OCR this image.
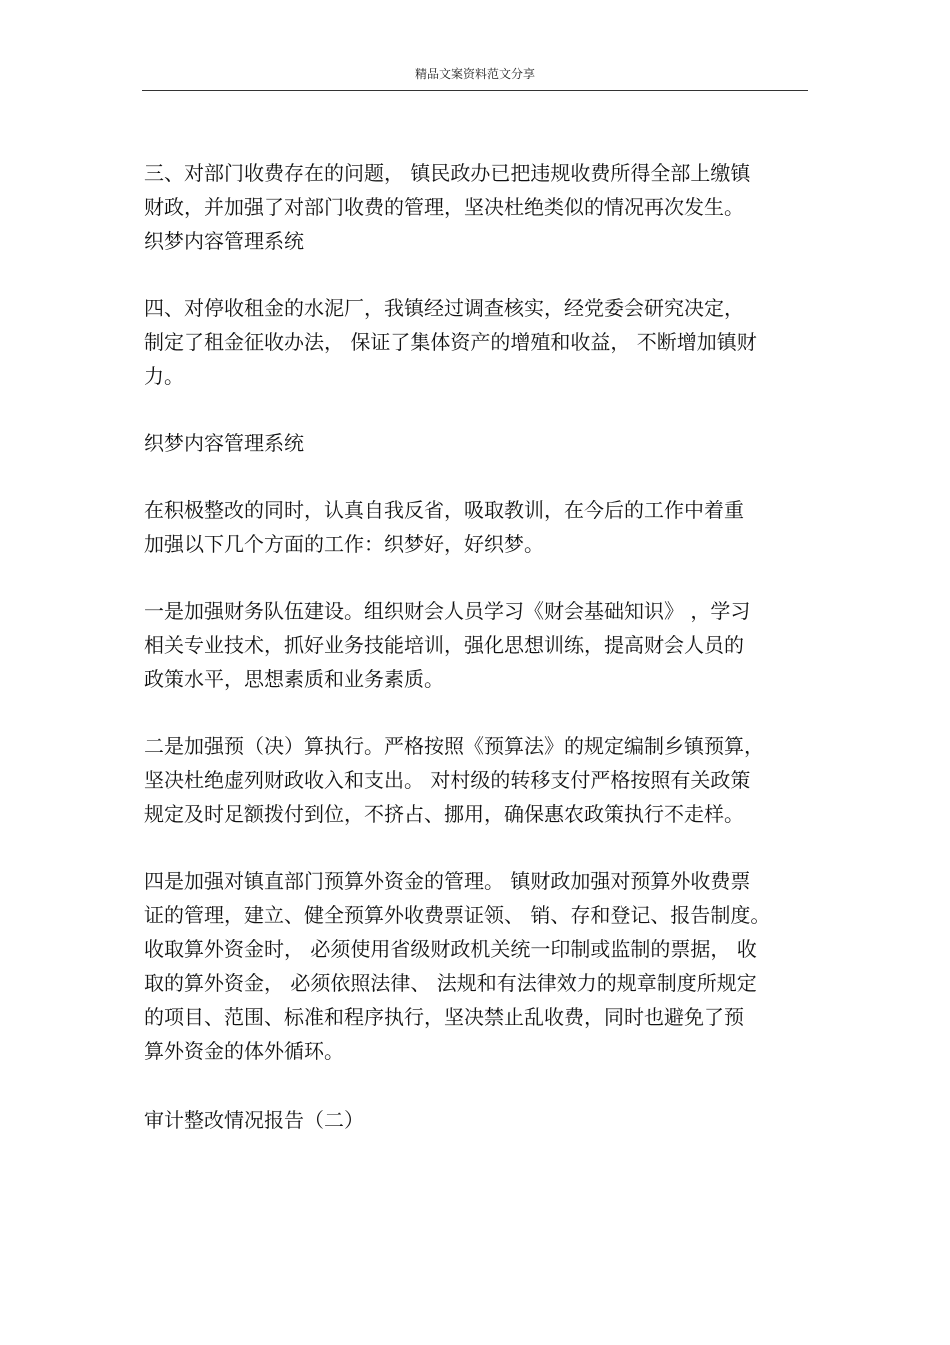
精品文案资料范文分享

三、对部门收费存在的问题， 镇民政办已把违规收费所得全部上缴镇
财政，并加强了对部门收费的管理，坚决杜绝类似的情况再次发生。
织梦内容管理系统

四、对停收租金的水泥厂，我镇经过调查核实，经党委会研究决定，
制定了租金征收办法， 保证了集体资产的增殖和收益， 不断增加镇财
力。

织梦内容管理系统

在积极整改的同时，认真自我反省，吸取教训，在今后的工作中着重
加强以下几个方面的工作：织梦好，好织梦。

一是加强财务队伍建设。组织财会人员学习《财会基础知识》 ，学习
相关专业技术，抓好业务技能培训，强化思想训练，提高财会人员的
政策水平，思想素质和业务素质。

二是加强预（决）算执行。严格按照《预算法》的规定编制乡镇预算，
坚决杜绝虚列财政收入和支出。 对村级的转移支付严格按照有关政策
规定及时足额拨付到位，不挤占、挪用，确保惠农政策执行不走样。

四是加强对镇直部门预算外资金的管理。 镇财政加强对预算外收费票
证的管理，建立、健全预算外收费票证领、 销、存和登记、报告制度。
收取算外资金时， 必须使用省级财政机关统一印制或监制的票据， 收
取的算外资金， 必须依照法律、 法规和有法律效力的规章制度所规定
的项目、范围、标准和程序执行，坚决禁止乱收费，同时也避免了预
算外资金的体外循环。

审计整改情况报告（二）
